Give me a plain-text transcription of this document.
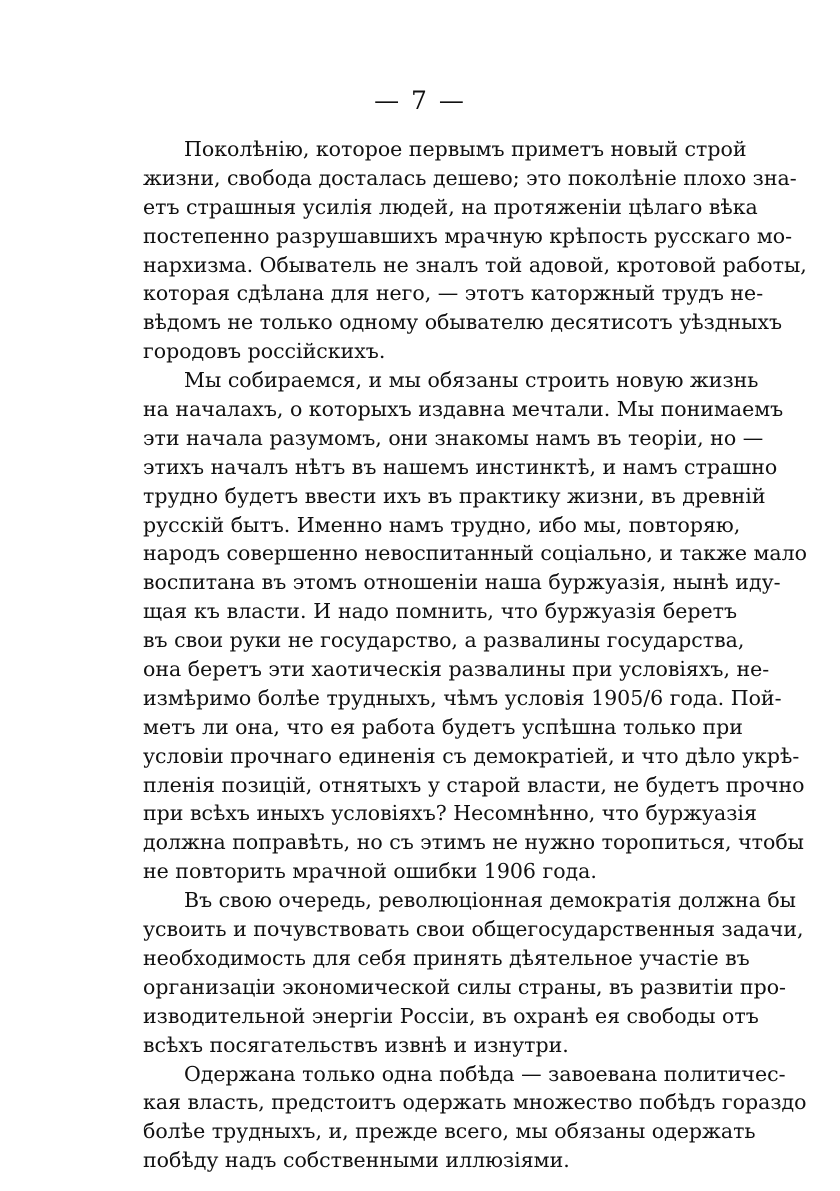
— 7 —
Поколѣнію, которое первымъ приметъ новый строй
жизни, свобода досталась дешево; это поколѣніе плохо зна-
етъ страшныя усилія людей, на протяженіи цѣлаго вѣка
постепенно разрушавшихъ мрачную крѣпость русскаго мо-
нархизма. Обыватель не зналъ той адовой, кротовой работы,
которая сдѣлана для него, — этотъ каторжный трудъ не-
вѣдомъ не только одному обывателю десятисотъ уѣздныхъ
городовъ россійскихъ.
Мы собираемся, и мы обязаны строить новую жизнь
на началахъ, о которыхъ издавна мечтали. Мы понимаемъ
эти начала разумомъ, они знакомы намъ въ теоріи, но —
этихъ началъ нѣтъ въ нашемъ инстинктѣ, и намъ страшно
трудно будетъ ввести ихъ въ практику жизни, въ древній
русскій бытъ. Именно намъ трудно, ибо мы, повторяю,
народъ совершенно невоспитанный соціально, и также мало
воспитана въ этомъ отношеніи наша буржуазія, нынѣ иду-
щая къ власти. И надо помнить, что буржуазія беретъ
въ свои руки не государство, а развалины государства,
она беретъ эти хаотическія развалины при условіяхъ, не-
измѣримо болѣе трудныхъ, чѣмъ условія 1905/6 года. Пой-
метъ ли она, что ея работа будетъ успѣшна только при
условіи прочнаго единенія съ демократіей, и что дѣло укрѣ-
пленія позицій, отнятыхъ у старой власти, не будетъ прочно
при всѣхъ иныхъ условіяхъ? Несомнѣнно, что буржуазія
должна поправѣть, но съ этимъ не нужно торопиться, чтобы
не повторить мрачной ошибки 1906 года.
Въ свою очередь, революціонная демократія должна бы
усвоить и почувствовать свои общегосударственныя задачи,
необходимость для себя принять дѣятельное участіе въ
организаціи экономической силы страны, въ развитіи про-
изводительной энергіи Россіи, въ охранѣ ея свободы отъ
всѣхъ посягательствъ извнѣ и изнутри.
Одержана только одна побѣда — завоевана политичес-
кая власть, предстоитъ одержать множество побѣдъ гораздо
болѣе трудныхъ, и, прежде всего, мы обязаны одержать
побѣду надъ собственными иллюзіями.
